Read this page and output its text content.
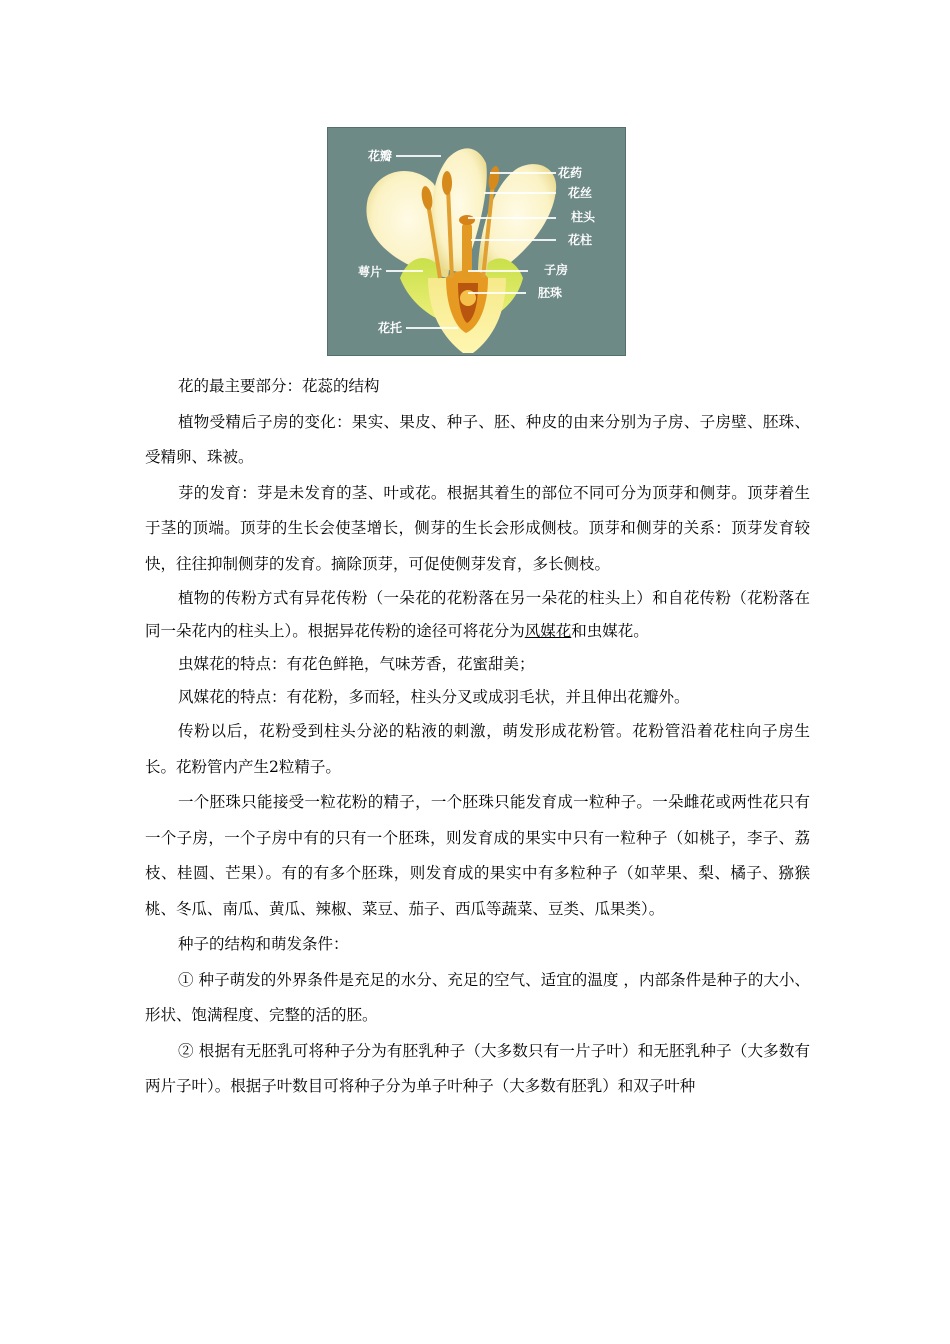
花瓣
花药
花丝
柱头
花柱
萼片	子房
胚珠
花托

花的最主要部分：花蕊的结构

植物受精后子房的变化：果实、果皮、种子、胚、种皮的由来分别为子房、子房壁、胚珠、受精卵、珠被。

芽的发育：芽是未发育的茎、叶或花。根据其着生的部位不同可分为顶芽和侧芽。顶芽着生于茎的顶端。顶芽的生长会使茎增长，侧芽的生长会形成侧枝。顶芽和侧芽的关系：顶芽发育较快，往往抑制侧芽的发育。摘除顶芽，可促使侧芽发育，多长侧枝。

植物的传粉方式有异花传粉（一朵花的花粉落在另一朵花的柱头上）和自花传粉（花粉落在同一朵花内的柱头上）。根据异花传粉的途径可将花分为风媒花和虫媒花。

虫媒花的特点：有花色鲜艳，气味芳香，花蜜甜美；

风媒花的特点：有花粉，多而轻，柱头分叉或成羽毛状，并且伸出花瓣外。

传粉以后，花粉受到柱头分泌的粘液的刺激，萌发形成花粉管。花粉管沿着花柱向子房生长。花粉管内产生2粒精子。

一个胚珠只能接受一粒花粉的精子，一个胚珠只能发育成一粒种子。一朵雌花或两性花只有一个子房，一个子房中有的只有一个胚珠，则发育成的果实中只有一粒种子（如桃子，李子、荔枝、桂圆、芒果）。有的有多个胚珠，则发育成的果实中有多粒种子（如苹果、梨、橘子、猕猴桃、冬瓜、南瓜、黄瓜、辣椒、菜豆、茄子、西瓜等蔬菜、豆类、瓜果类）。

种子的结构和萌发条件：

① 种子萌发的外界条件是充足的水分、充足的空气、适宜的温度 ，内部条件是种子的大小、形状、饱满程度、完整的活的胚。

② 根据有无胚乳可将种子分为有胚乳种子（大多数只有一片子叶）和无胚乳种子（大多数有两片子叶）。根据子叶数目可将种子分为单子叶种子（大多数有胚乳）和双子叶种
